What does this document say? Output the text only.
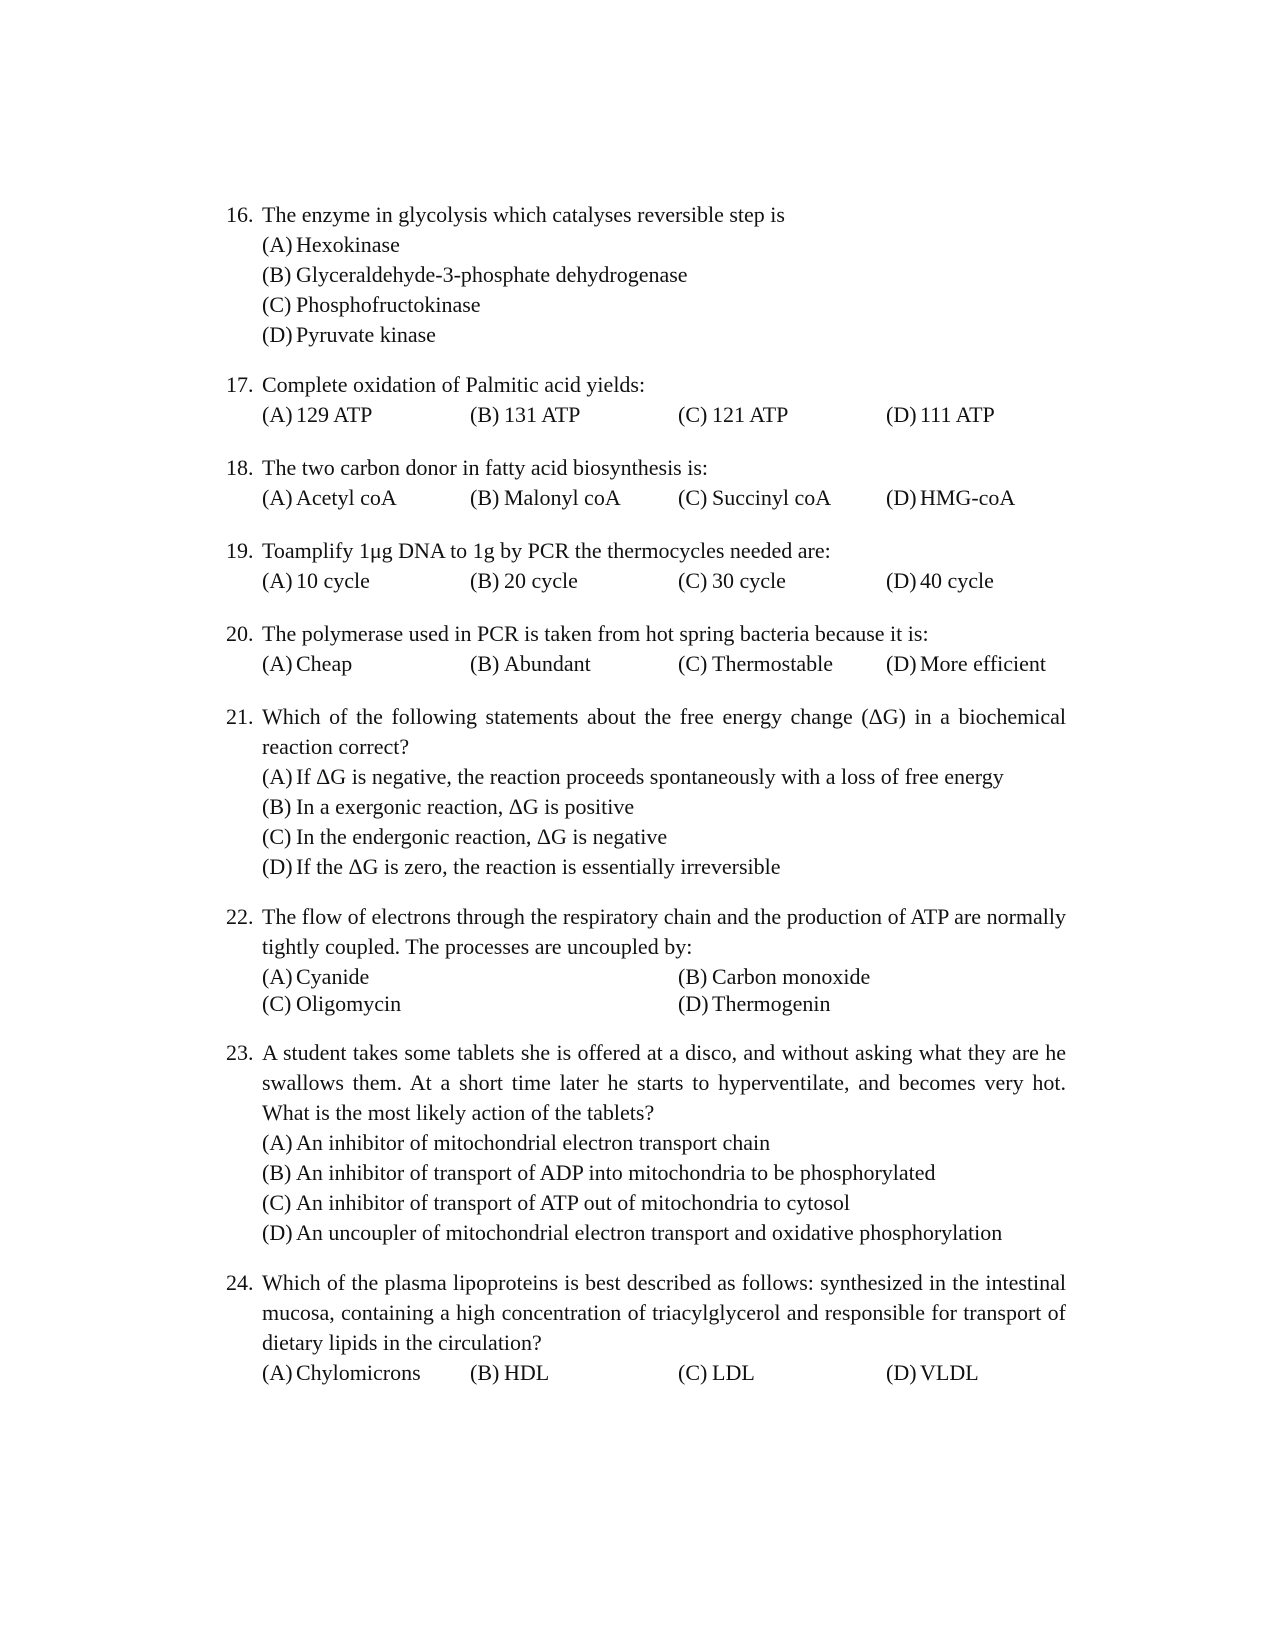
16. The enzyme in glycolysis which catalyses reversible step is
(A) Hexokinase
(B) Glyceraldehyde-3-phosphate dehydrogenase
(C) Phosphofructokinase
(D) Pyruvate kinase
17. Complete oxidation of Palmitic acid yields:
(A) 129 ATP	(B) 131 ATP	(C) 121 ATP	(D) 111 ATP
18. The two carbon donor in fatty acid biosynthesis is:
(A) Acetyl coA	(B) Malonyl coA	(C) Succinyl coA (D) HMG-coA
19. Toamplify 1μg DNA to 1g by PCR the thermocycles needed are:
(A) 10 cycle	(B) 20 cycle	(C) 30 cycle	(D) 40 cycle
20. The polymerase used in PCR is taken from hot spring bacteria because it is:
(A) Cheap	(B) Abundant	(C) Thermostable (D) More efficient
21. Which of the following statements about the free energy change (ΔG) in a biochemical reaction correct?
(A) If ΔG is negative, the reaction proceeds spontaneously with a loss of free energy
(B) In a exergonic reaction, ΔG is positive
(C) In the endergonic reaction, ΔG is negative
(D) If the ΔG is zero, the reaction is essentially irreversible
22. The flow of electrons through the respiratory chain and the production of ATP are normally tightly coupled. The processes are uncoupled by:
(A) Cyanide	(B) Carbon monoxide
(C) Oligomycin	(D) Thermogenin
23. A student takes some tablets she is offered at a disco, and without asking what they are he swallows them. At a short time later he starts to hyperventilate, and becomes very hot. What is the most likely action of the tablets?
(A) An inhibitor of mitochondrial electron transport chain
(B) An inhibitor of transport of ADP into mitochondria to be phosphorylated
(C) An inhibitor of transport of ATP out of mitochondria to cytosol
(D) An uncoupler of mitochondrial electron transport and oxidative phosphorylation
24. Which of the plasma lipoproteins is best described as follows: synthesized in the intestinal mucosa, containing a high concentration of triacylglycerol and responsible for transport of dietary lipids in the circulation?
(A) Chylomicrons (B) HDL	(C) LDL	(D) VLDL
